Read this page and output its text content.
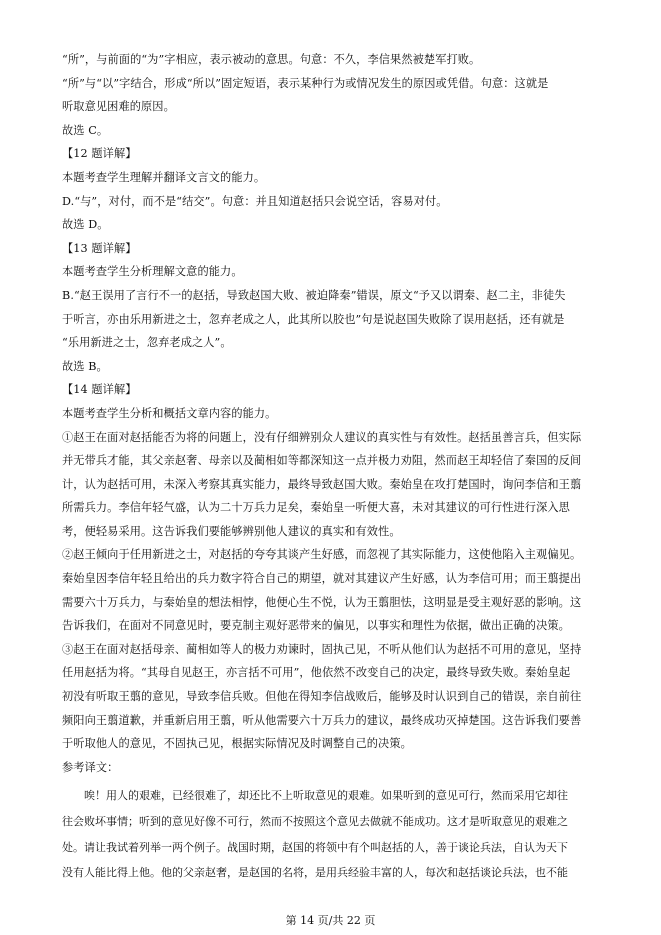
“所”，与前面的“为”字相应，表示被动的意思。句意：不久，李信果然被楚军打败。
“所”与“以”字结合，形成“所以”固定短语，表示某种行为或情况发生的原因或凭借。句意：这就是
听取意见困难的原因。
故选 C。
【12 题详解】
本题考查学生理解并翻译文言文的能力。
D.“与”，对付，而不是“结交”。句意：并且知道赵括只会说空话，容易对付。
故选 D。
【13 题详解】
本题考查学生分析理解文意的能力。
B.“赵王误用了言行不一的赵括，导致赵国大败、被迫降秦”错误，原文“予又以谓秦、赵二主，非徒失
于听言，亦由乐用新进之士，忽弃老成之人，此其所以胶也”句是说赵国失败除了误用赵括，还有就是
“乐用新进之士，忽弃老成之人”。
故选 B。
【14 题详解】
本题考查学生分析和概括文章内容的能力。
①赵王在面对赵括能否为将的问题上，没有仔细辨别众人建议的真实性与有效性。赵括虽善言兵，但实际
并无带兵才能，其父亲赵奢、母亲以及蔺相如等都深知这一点并极力劝阻，然而赵王却轻信了秦国的反间
计，认为赵括可用，未深入考察其真实能力，最终导致赵国大败。秦始皇在攻打楚国时，询问李信和王翦
所需兵力。李信年轻气盛，认为二十万兵力足矣，秦始皇一听便大喜，未对其建议的可行性进行深入思
考，便轻易采用。这告诉我们要能够辨别他人建议的真实和有效性。
②赵王倾向于任用新进之士，对赵括的夸夸其谈产生好感，而忽视了其实际能力，这使他陷入主观偏见。
秦始皇因李信年轻且给出的兵力数字符合自己的期望，就对其建议产生好感，认为李信可用；而王翦提出
需要六十万兵力，与秦始皇的想法相悖，他便心生不悦，认为王翦胆怯，这明显是受主观好恶的影响。这
告诉我们，在面对不同意见时，要克制主观好恶带来的偏见，以事实和理性为依据，做出正确的决策。
③赵王在面对赵括母亲、蔺相如等人的极力劝谏时，固执己见，不听从他们认为赵括不可用的意见，坚持
任用赵括为将。“其母自见赵王，亦言括不可用”，他依然不改变自己的决定，最终导致失败。秦始皇起
初没有听取王翦的意见，导致李信兵败。但他在得知李信战败后，能够及时认识到自己的错误，亲自前往
频阳向王翦道歉，并重新启用王翦，听从他需要六十万兵力的建议，最终成功灭掉楚国。这告诉我们要善
于听取他人的意见，不固执己见，根据实际情况及时调整自己的决策。
参考译文：
　　唉！用人的艰难，已经很难了，却还比不上听取意见的艰难。如果听到的意见可行，然而采用它却往
往会败坏事情；听到的意见好像不可行，然而不按照这个意见去做就不能成功。这才是听取意见的艰难之
处。请让我试着列举一两个例子。战国时期，赵国的将领中有个叫赵括的人，善于谈论兵法，自认为天下
没有人能比得上他。他的父亲赵奢，是赵国的名将，是用兵经验丰富的人，每次和赵括谈论兵法，也不能
第 14 页/共 22 页
